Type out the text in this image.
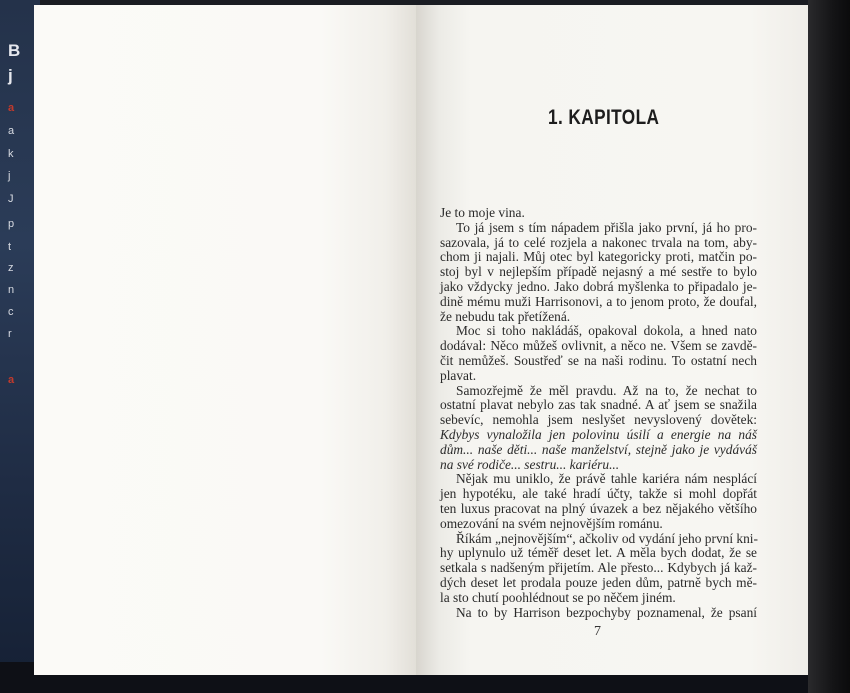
B
j
a
a
k
j
J
p
t
z
n
c
r
a
1. KAPITOLA
Je to moje vina.
To já jsem s tím nápadem přišla jako první, já ho pro-
sazovala, já to celé rozjela a nakonec trvala na tom, aby-
chom ji najali. Můj otec byl kategoricky proti, matčin po-
stoj byl v nejlepším případě nejasný a mé sestře to bylo
jako vždycky jedno. Jako dobrá myšlenka to připadalo je-
dině mému muži Harrisonovi, a to jenom proto, že doufal,
že nebudu tak přetížená.
Moc si toho nakládáš, opakoval dokola, a hned nato
dodával: Něco můžeš ovlivnit, a něco ne. Všem se zavdě-
čit nemůžeš. Soustřeď se na naši rodinu. To ostatní nech
plavat.
Samozřejmě že měl pravdu. Až na to, že nechat to
ostatní plavat nebylo zas tak snadné. A ať jsem se snažila
sebevíc, nemohla jsem neslyšet nevyslovený dovětek:
Kdybys vynaložila jen polovinu úsilí a energie na náš
dům... naše děti... naše manželství, stejně jako je vydáváš
na své rodiče... sestru... kariéru...
Nějak mu uniklo, že právě tahle kariéra nám nesplácí
jen hypotéku, ale také hradí účty, takže si mohl dopřát
ten luxus pracovat na plný úvazek a bez nějakého většího
omezování na svém nejnovějším románu.
Říkám „nejnovějším“, ačkoliv od vydání jeho první kni-
hy uplynulo už téměř deset let. A měla bych dodat, že se
setkala s nadšeným přijetím. Ale přesto... Kdybych já kaž-
dých deset let prodala pouze jeden dům, patrně bych mě-
la sto chutí poohlédnout se po něčem jiném.
Na to by Harrison bezpochyby poznamenal, že psaní
7
